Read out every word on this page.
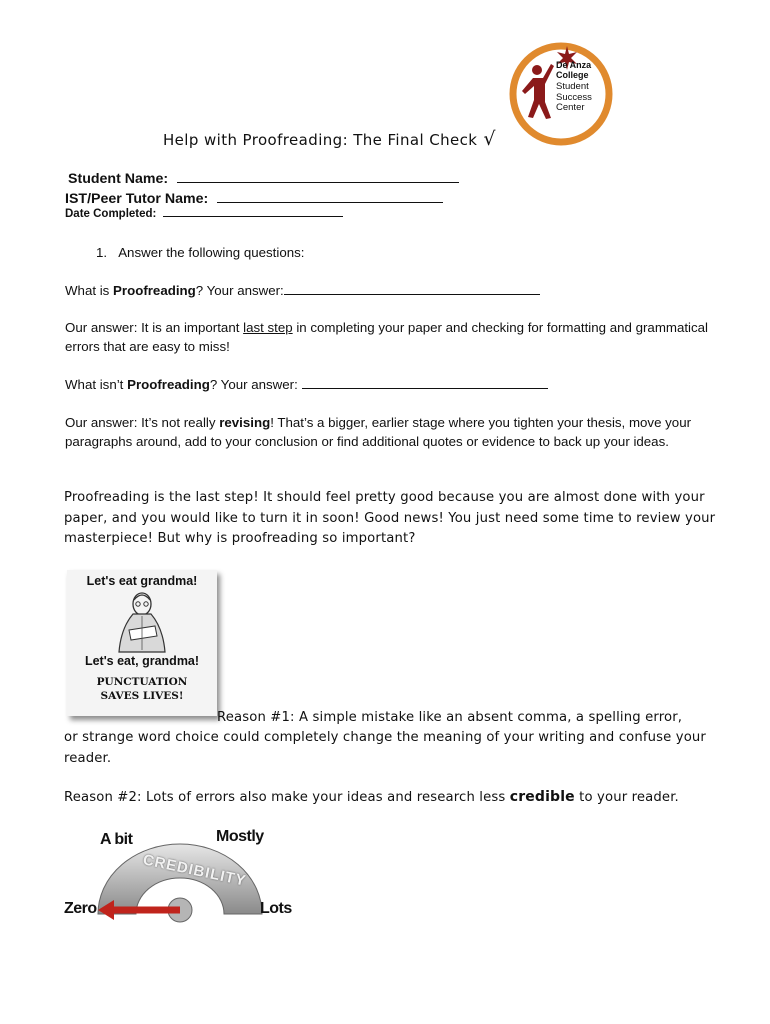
De Anza
College
Student
Success
Center
Help with Proofreading: The Final Check √
Student Name:
IST/Peer Tutor Name:
Date Completed:
1. Answer the following questions:
What is Proofreading? Your answer:
Our answer: It is an important last step in completing your paper and checking for formatting and grammatical errors that are easy to miss!
What isn’t Proofreading? Your answer:
Our answer: It’s not really revising! That’s a bigger, earlier stage where you tighten your thesis, move your paragraphs around, add to your conclusion or find additional quotes or evidence to back up your ideas.
Proofreading is the last step! It should feel pretty good because you are almost done with your paper, and you would like to turn it in soon! Good news! You just need some time to review your masterpiece! But why is proofreading so important?
Let's eat grandma!
Let's eat, grandma!
PUNCTUATION
SAVES LIVES!
Reason #1: A simple mistake like an absent comma, a spelling error,
or strange word choice could completely change the meaning of your writing and confuse your reader.
Reason #2: Lots of errors also make your ideas and research less credible to your reader.
A bit	Mostly
Zero	Lots
CREDIBILITY
